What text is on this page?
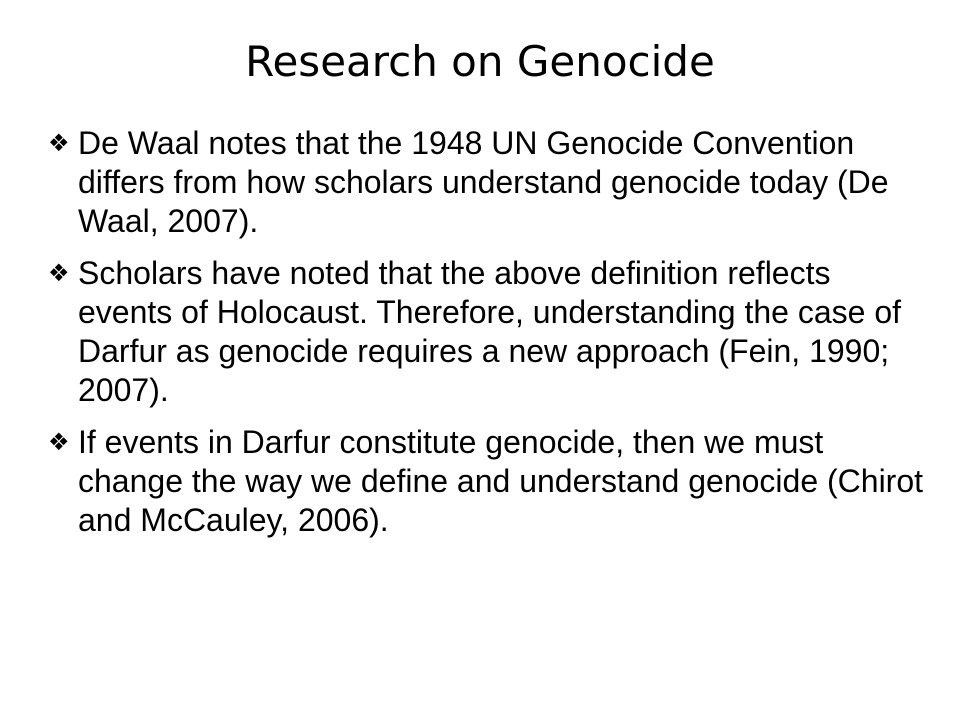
Research on Genocide
❖ De Waal notes that the 1948 UN Genocide Convention differs from how scholars understand genocide today (De Waal, 2007).
❖ Scholars have noted that the above definition reflects events of Holocaust. Therefore, understanding the case of Darfur as genocide requires a new approach (Fein, 1990; 2007).
❖ If events in Darfur constitute genocide, then we must change the way we define and understand genocide (Chirot and McCauley, 2006).
